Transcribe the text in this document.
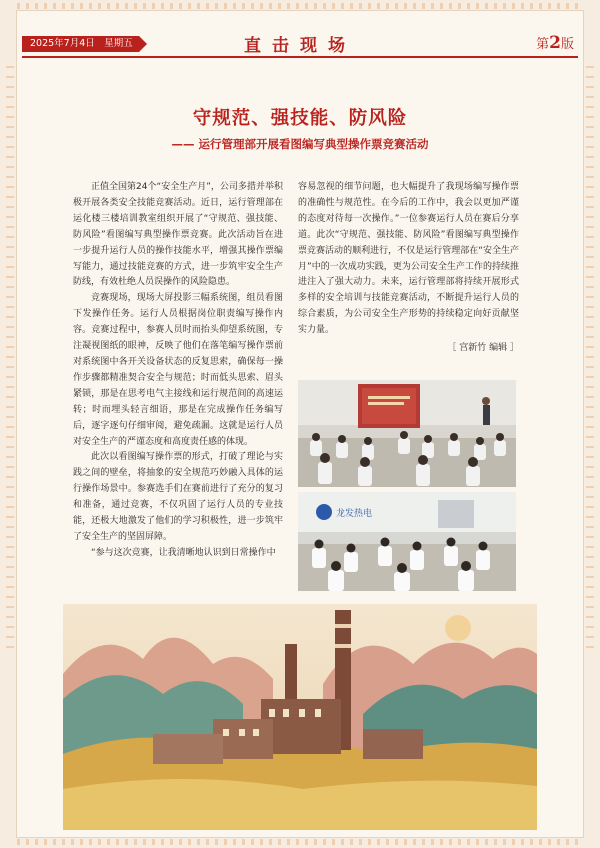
2025年7月4日　星期五	直击现场	第2版
守规范、强技能、防风险
—— 运行管理部开展看图编写典型操作票竞赛活动

正值全国第24个“安全生产月”，公司多措并举积极开展各类安全技能竞赛活动。近日，运行管理部在运化楼三楼培训教室组织开展了“守规范、强技能、防风险”看图编写典型操作票竞赛。此次活动旨在进一步提升运行人员的操作技能水平，增强其操作票编写能力，通过技能竞赛的方式，进一步筑牢安全生产防线，有效杜绝人员误操作的风险隐患。

竞赛现场，现场大屏投影三幅系统图，组员看图下发操作任务。运行人员根据岗位职责编写操作内容。竞赛过程中，参赛人员时而抬头仰望系统图，专注凝视图纸的眼神，反映了他们在落笔编写操作票前对系统图中各开关设备状态的反复思索，确保每一操作步骤都精准契合安全与规范；时而低头思索、眉头紧锁，那是在思考电气主接线和运行规范间的高速运转；时而埋头轻言细语，那是在完成操作任务编写后，逐字逐句仔细审阅，避免疏漏。这就是运行人员对安全生产的严谨态度和高度责任感的体现。

此次以看图编写操作票的形式，打破了理论与实践之间的壁垒，将抽象的安全规范巧妙融入具体的运行操作场景中。参赛选手们在赛前进行了充分的复习和准备，通过竞赛，不仅巩固了运行人员的专业技能，还极大地激发了他们的学习积极性，进一步筑牢了安全生产的坚固屏障。

“参与这次竞赛，让我清晰地认识到日常操作中

容易忽视的细节问题，也大幅提升了我现场编写操作票的准确性与规范性。在今后的工作中，我会以更加严谨的态度对待每一次操作。”一位参赛运行人员在赛后分享道。此次“守规范、强技能、防风险”看图编写典型操作票竞赛活动的顺利进行，不仅是运行管理部在“安全生产月”中的一次成功实践，更为公司安全生产工作的持续推进注入了强大动力。未来，运行管理部将持续开展形式多样的安全培训与技能竞赛活动，不断提升运行人员的综合素质，为公司安全生产形势的持续稳定向好贡献坚实力量。

［ 宫新竹 编辑 ］
龙发热电
